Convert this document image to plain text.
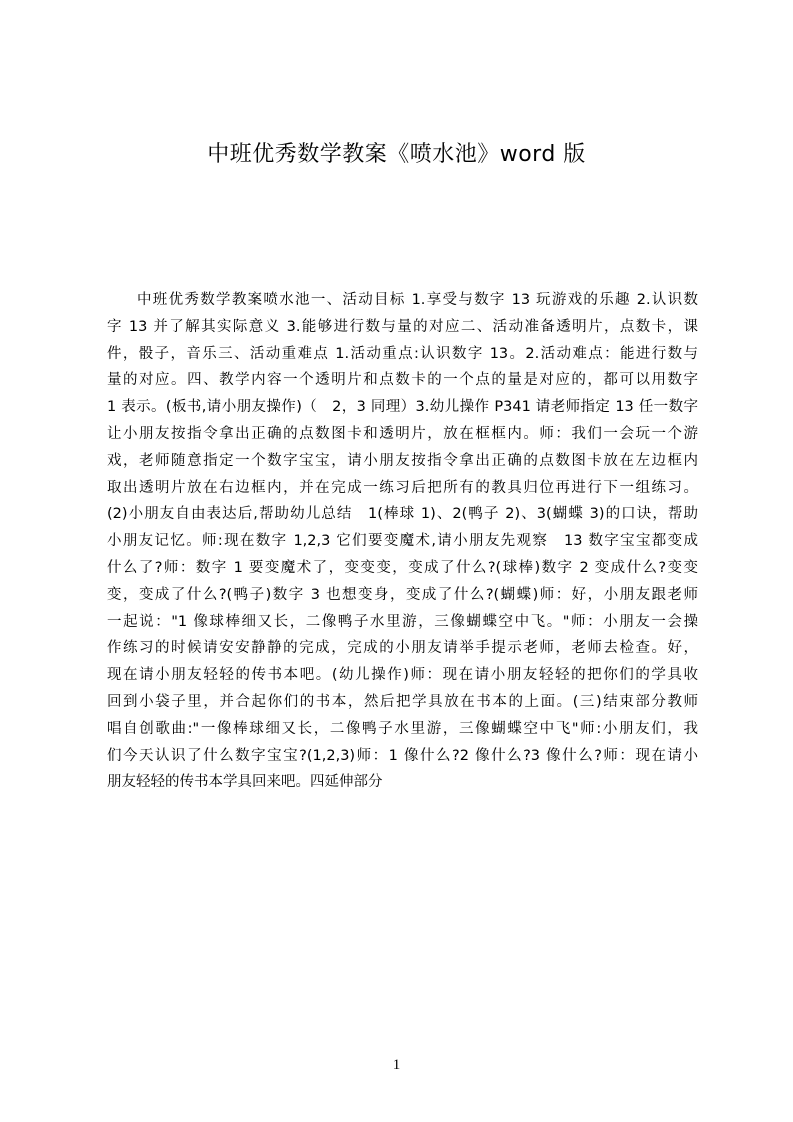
中班优秀数学教案《喷水池》word 版
中班优秀数学教案喷水池一、活动目标 1.享受与数字 13 玩游戏的乐趣 2.认识数
字 13 并了解其实际意义 3.能够进行数与量的对应二、活动准备透明片，点数卡，课
件，骰子，音乐三、活动重难点 1.活动重点:认识数字 13。2.活动难点：能进行数与
量的对应。四、教学内容一个透明片和点数卡的一个点的量是对应的，都可以用数字
1 表示。(板书,请小朋友操作)（　2，3 同理）3.幼儿操作 P341 请老师指定 13 任一数字
让小朋友按指令拿出正确的点数图卡和透明片，放在框框内。师：我们一会玩一个游
戏，老师随意指定一个数字宝宝，请小朋友按指令拿出正确的点数图卡放在左边框内
取出透明片放在右边框内，并在完成一练习后把所有的教具归位再进行下一组练习。
(2)小朋友自由表达后,帮助幼儿总结　1(棒球 1)、2(鸭子 2)、3(蝴蝶 3)的口诀，帮助
小朋友记忆。师:现在数字 1,2,3 它们要变魔术,请小朋友先观察　13 数字宝宝都变成
什么了?师：数字 1 要变魔术了，变变变，变成了什么?(球棒)数字 2 变成什么?变变
变，变成了什么?(鸭子)数字 3 也想变身，变成了什么?(蝴蝶)师：好，小朋友跟老师
一起说："1 像球棒细又长，二像鸭子水里游，三像蝴蝶空中飞。"师：小朋友一会操
作练习的时候请安安静静的完成，完成的小朋友请举手提示老师，老师去检查。好，
现在请小朋友轻轻的传书本吧。(幼儿操作)师：现在请小朋友轻轻的把你们的学具收
回到小袋子里，并合起你们的书本，然后把学具放在书本的上面。(三)结束部分教师
唱自创歌曲:"一像棒球细又长，二像鸭子水里游，三像蝴蝶空中飞"师:小朋友们，我
们今天认识了什么数字宝宝?(1,2,3)师：1 像什么?2 像什么?3 像什么?师：现在请小
朋友轻轻的传书本学具回来吧。四延伸部分
1
